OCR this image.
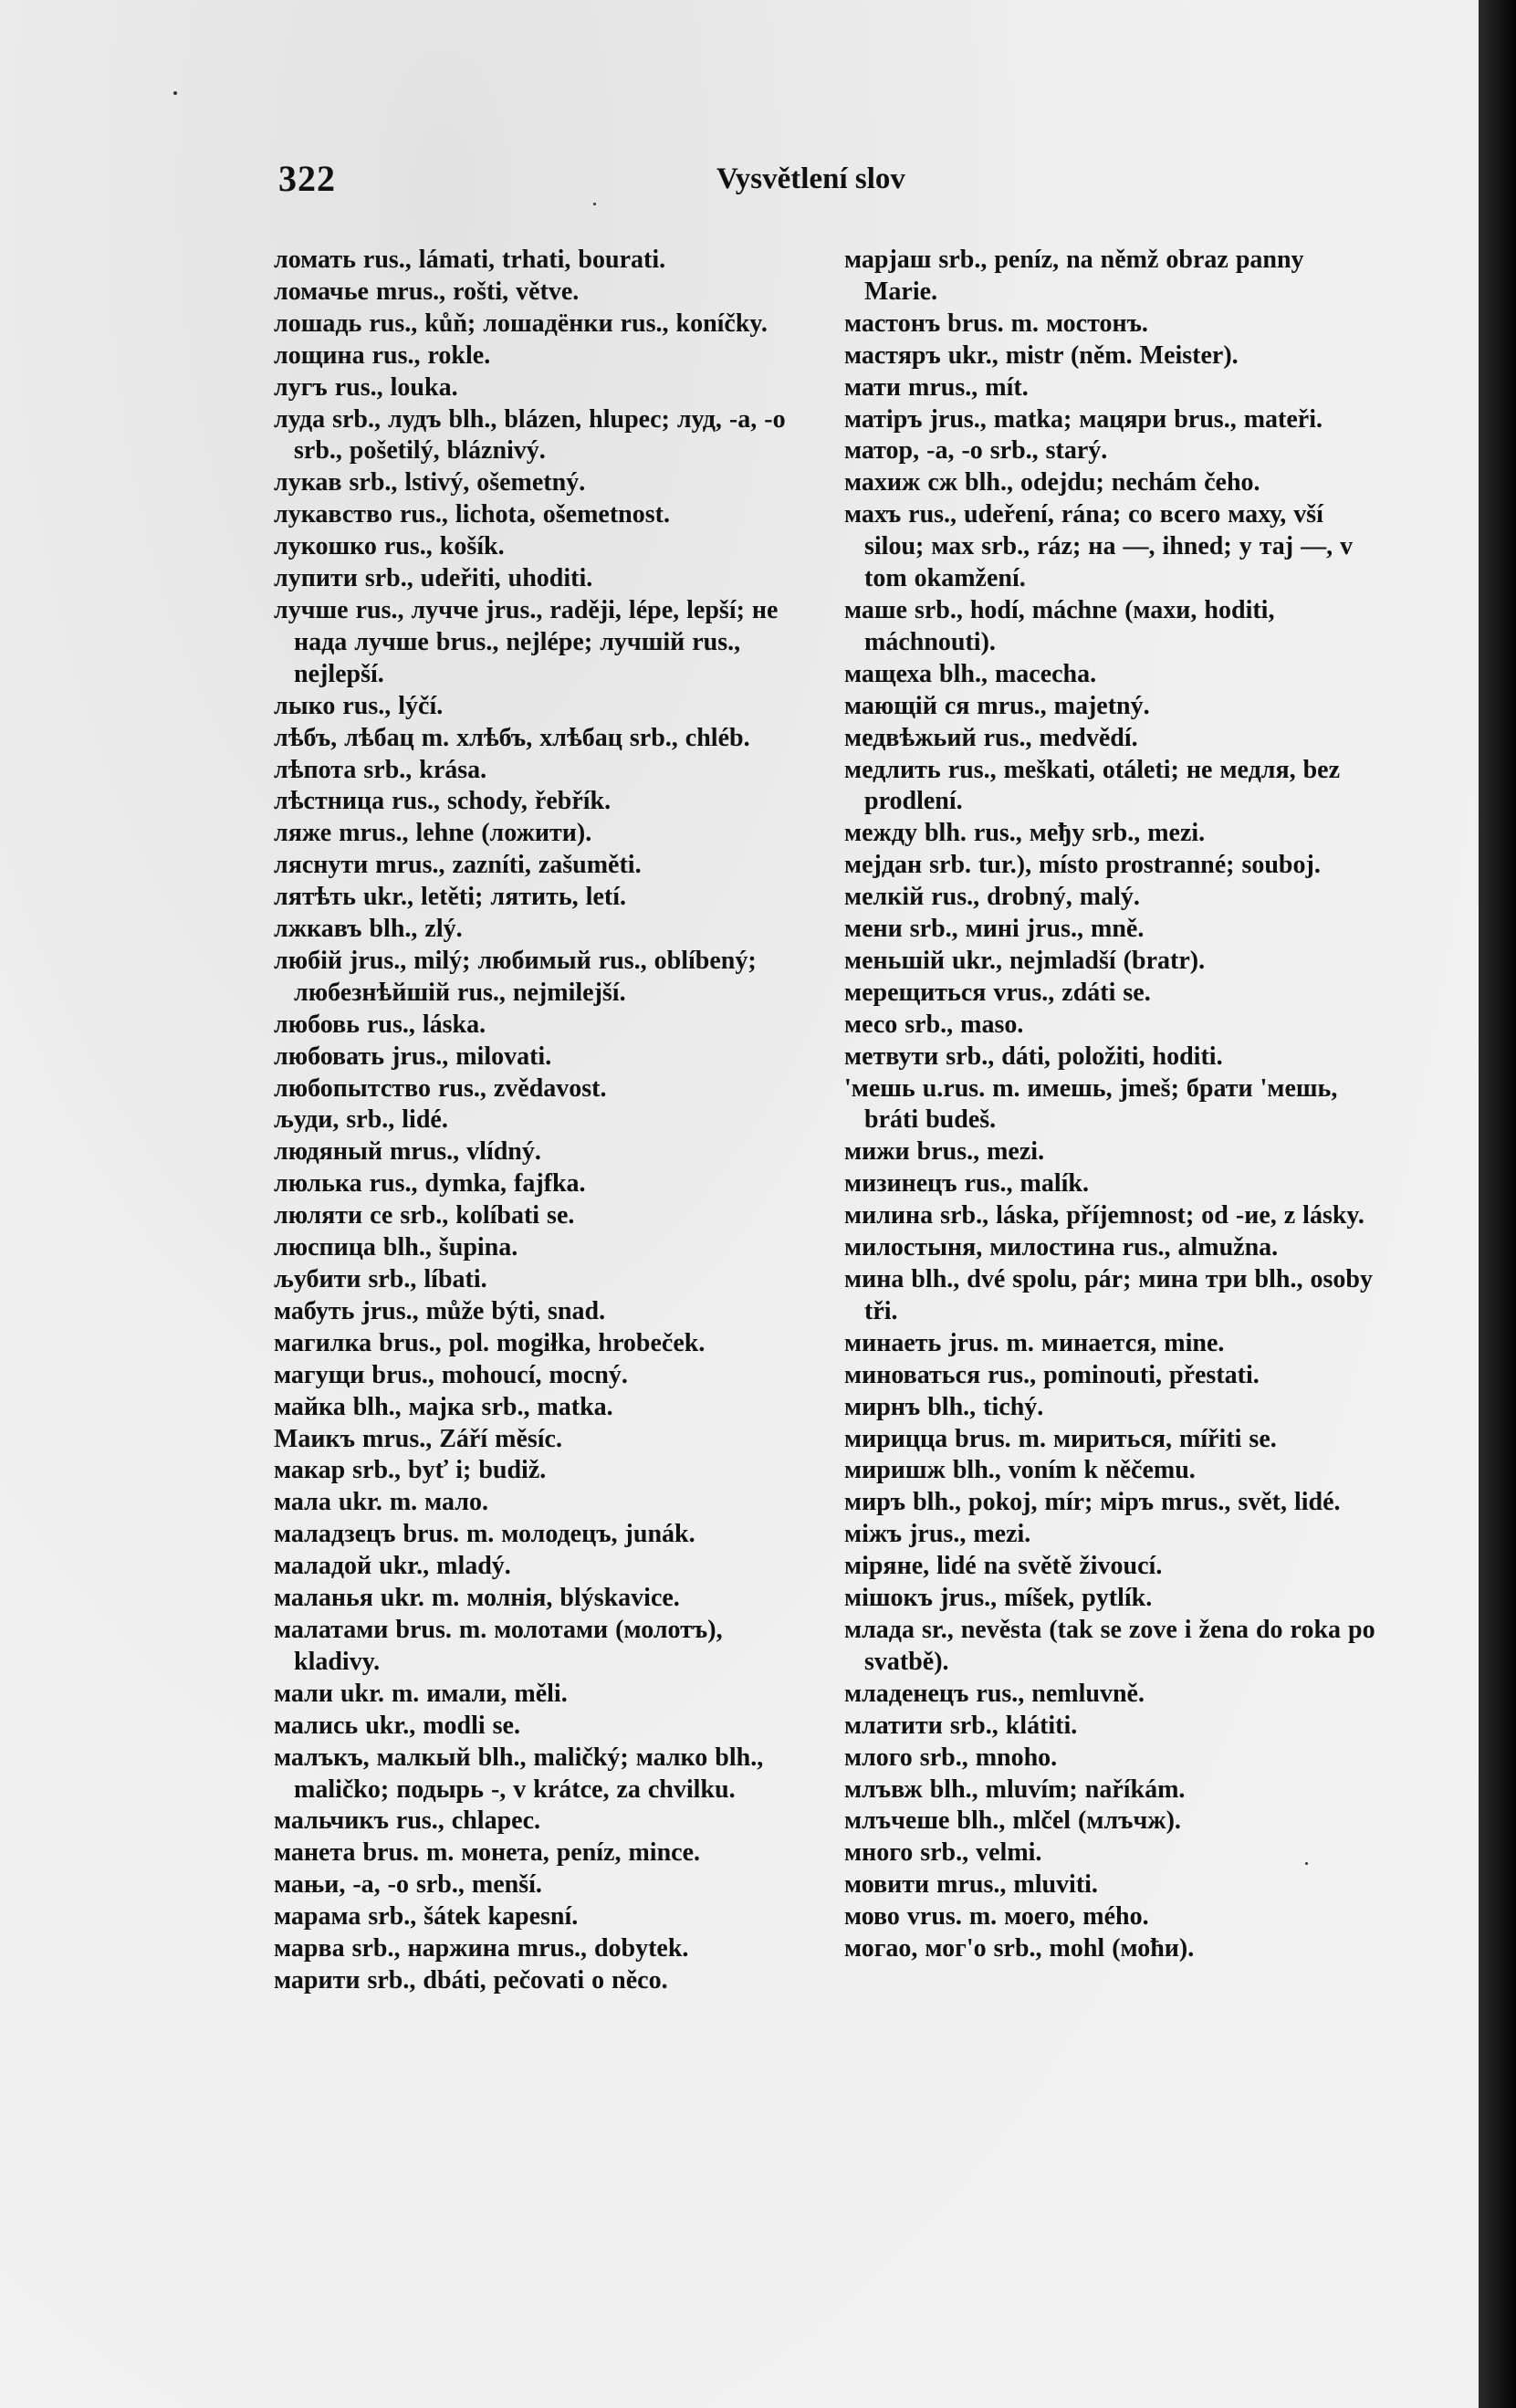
322	Vysvětlení slov
ломать rus., lámati, trhati, bourati.
ломачье mrus., rošti, větve.
лошадь rus., kůň; лошадёнки rus., koníčky.
лощина rus., rokle.
лугъ rus., louka.
луда srb., лудъ blh., blázen, hlupec; луд, -а, -о srb., pošetilý, bláznivý.
лукав srb., lstivý, ošemetný.
лукавство rus., lichota, ošemetnost.
лукошко rus., košík.
лупити srb., udeřiti, uhoditi.
лучше rus., лучче jrus., raději, lépe, lepší; не нада лучше brus., nejlépe; лучшій rus., nejlepší.
лыко rus., lýčí.
лѣбъ, лѣбац m. хлѣбъ, хлѣбац srb., chléb.
лѣпота srb., krása.
лѣстница rus., schody, řebřík.
ляже mrus., lehne (ложити).
ляснути mrus., zazníti, zašuměti.
лятѣть ukr., letěti; лятить, letí.
лжкавъ blh., zlý.
любій jrus., milý; любимый rus., oblíbený; любезнѣйшій rus., nejmilejší.
любовь rus., láska.
любовать jrus., milovati.
любопытство rus., zvědavost.
људи, srb., lidé.
людяный mrus., vlídný.
люлька rus., dymka, fajfka.
люляти се srb., kolíbati se.
люспица blh., šupina.
љубити srb., líbati.
мабуть jrus., může býti, snad.
магилка brus., pol. mogiłka, hrobeček.
магущи brus., mohoucí, mocný.
майка blh., мајка srb., matka.
Маикъ mrus., Září měsíc.
макар srb., byť i; budiž.
мала ukr. m. мало.
маладзецъ brus. m. молодецъ, junák.
маладой ukr., mladý.
маланья ukr. m. молнія, blýskavice.
малатами brus. m. молотами (молотъ), kladivy.
мали ukr. m. имали, měli.
мались ukr., modli se.
малъкъ, малкый blh., maličký; малко blh., maličko; подырь -, v krátce, za chvilku.
мальчикъ rus., chlapec.
манета brus. m. монета, peníz, mince.
мањи, -а, -о srb., menší.
марама srb., šátek kapesní.
марва srb., наржина mrus., dobytek.
марити srb., dbáti, pečovati o něco.
марјаш srb., peníz, na němž obraz panny Marie.
мастонъ brus. m. мостонъ.
мастяръ ukr., mistr (něm. Meister).
мати mrus., mít.
матіръ jrus., matka; мацяри brus., mateři.
матор, -а, -о srb., starý.
махиж сж blh., odejdu; nechám čeho.
махъ rus., udeření, rána; со всего маху, vší silou; мах srb., ráz; на —, ihned; у тај —, v tom okamžení.
маше srb., hodí, máchne (махи, hoditi, máchnouti).
мащеха blh., macecha.
мающій ся mrus., majetný.
медвѣжьий rus., medvědí.
медлить rus., meškati, otáleti; не медля, bez prodlení.
между blh. rus., међу srb., mezi.
мејдан srb. tur.), místo prostranné; souboj.
мелкій rus., drobný, malý.
мени srb., мині jrus., mně.
меньшій ukr., nejmladší (bratr).
мерещиться vrus., zdáti se.
месо srb., maso.
метвути srb., dáti, položiti, hoditi.
'мешь u.rus. m. имешь, jmeš; брати 'мешь, bráti budeš.
мижи brus., mezi.
мизинецъ rus., malík.
милина srb., láska, příjemnost; od -ие, z lásky.
милостыня, милостина rus., almužna.
мина blh., dvé spolu, pár; мина три blh., osoby tři.
минаеть jrus. m. минается, mine.
миноваться rus., pominouti, přestati.
мирнъ blh., tichý.
мирицца brus. m. мириться, mířiti se.
миришж blh., voním k něčemu.
миръ blh., pokoj, mír; міръ mrus., svět, lidé.
міжъ jrus., mezi.
міряне, lidé na světě živoucí.
мішокъ jrus., míšek, pytlík.
млада sr., nevěsta (tak se zove i žena do roka po svatbě).
младенецъ rus., nemluvně.
млатити srb., klátiti.
млого srb., mnoho.
млъвж blh., mluvím; naříkám.
млъчеше blh., mlčel (млъчж).
много srb., velmi.
мовити mrus., mluviti.
мово vrus. m. моего, mého.
могао, мог'о srb., mohl (моћи).
